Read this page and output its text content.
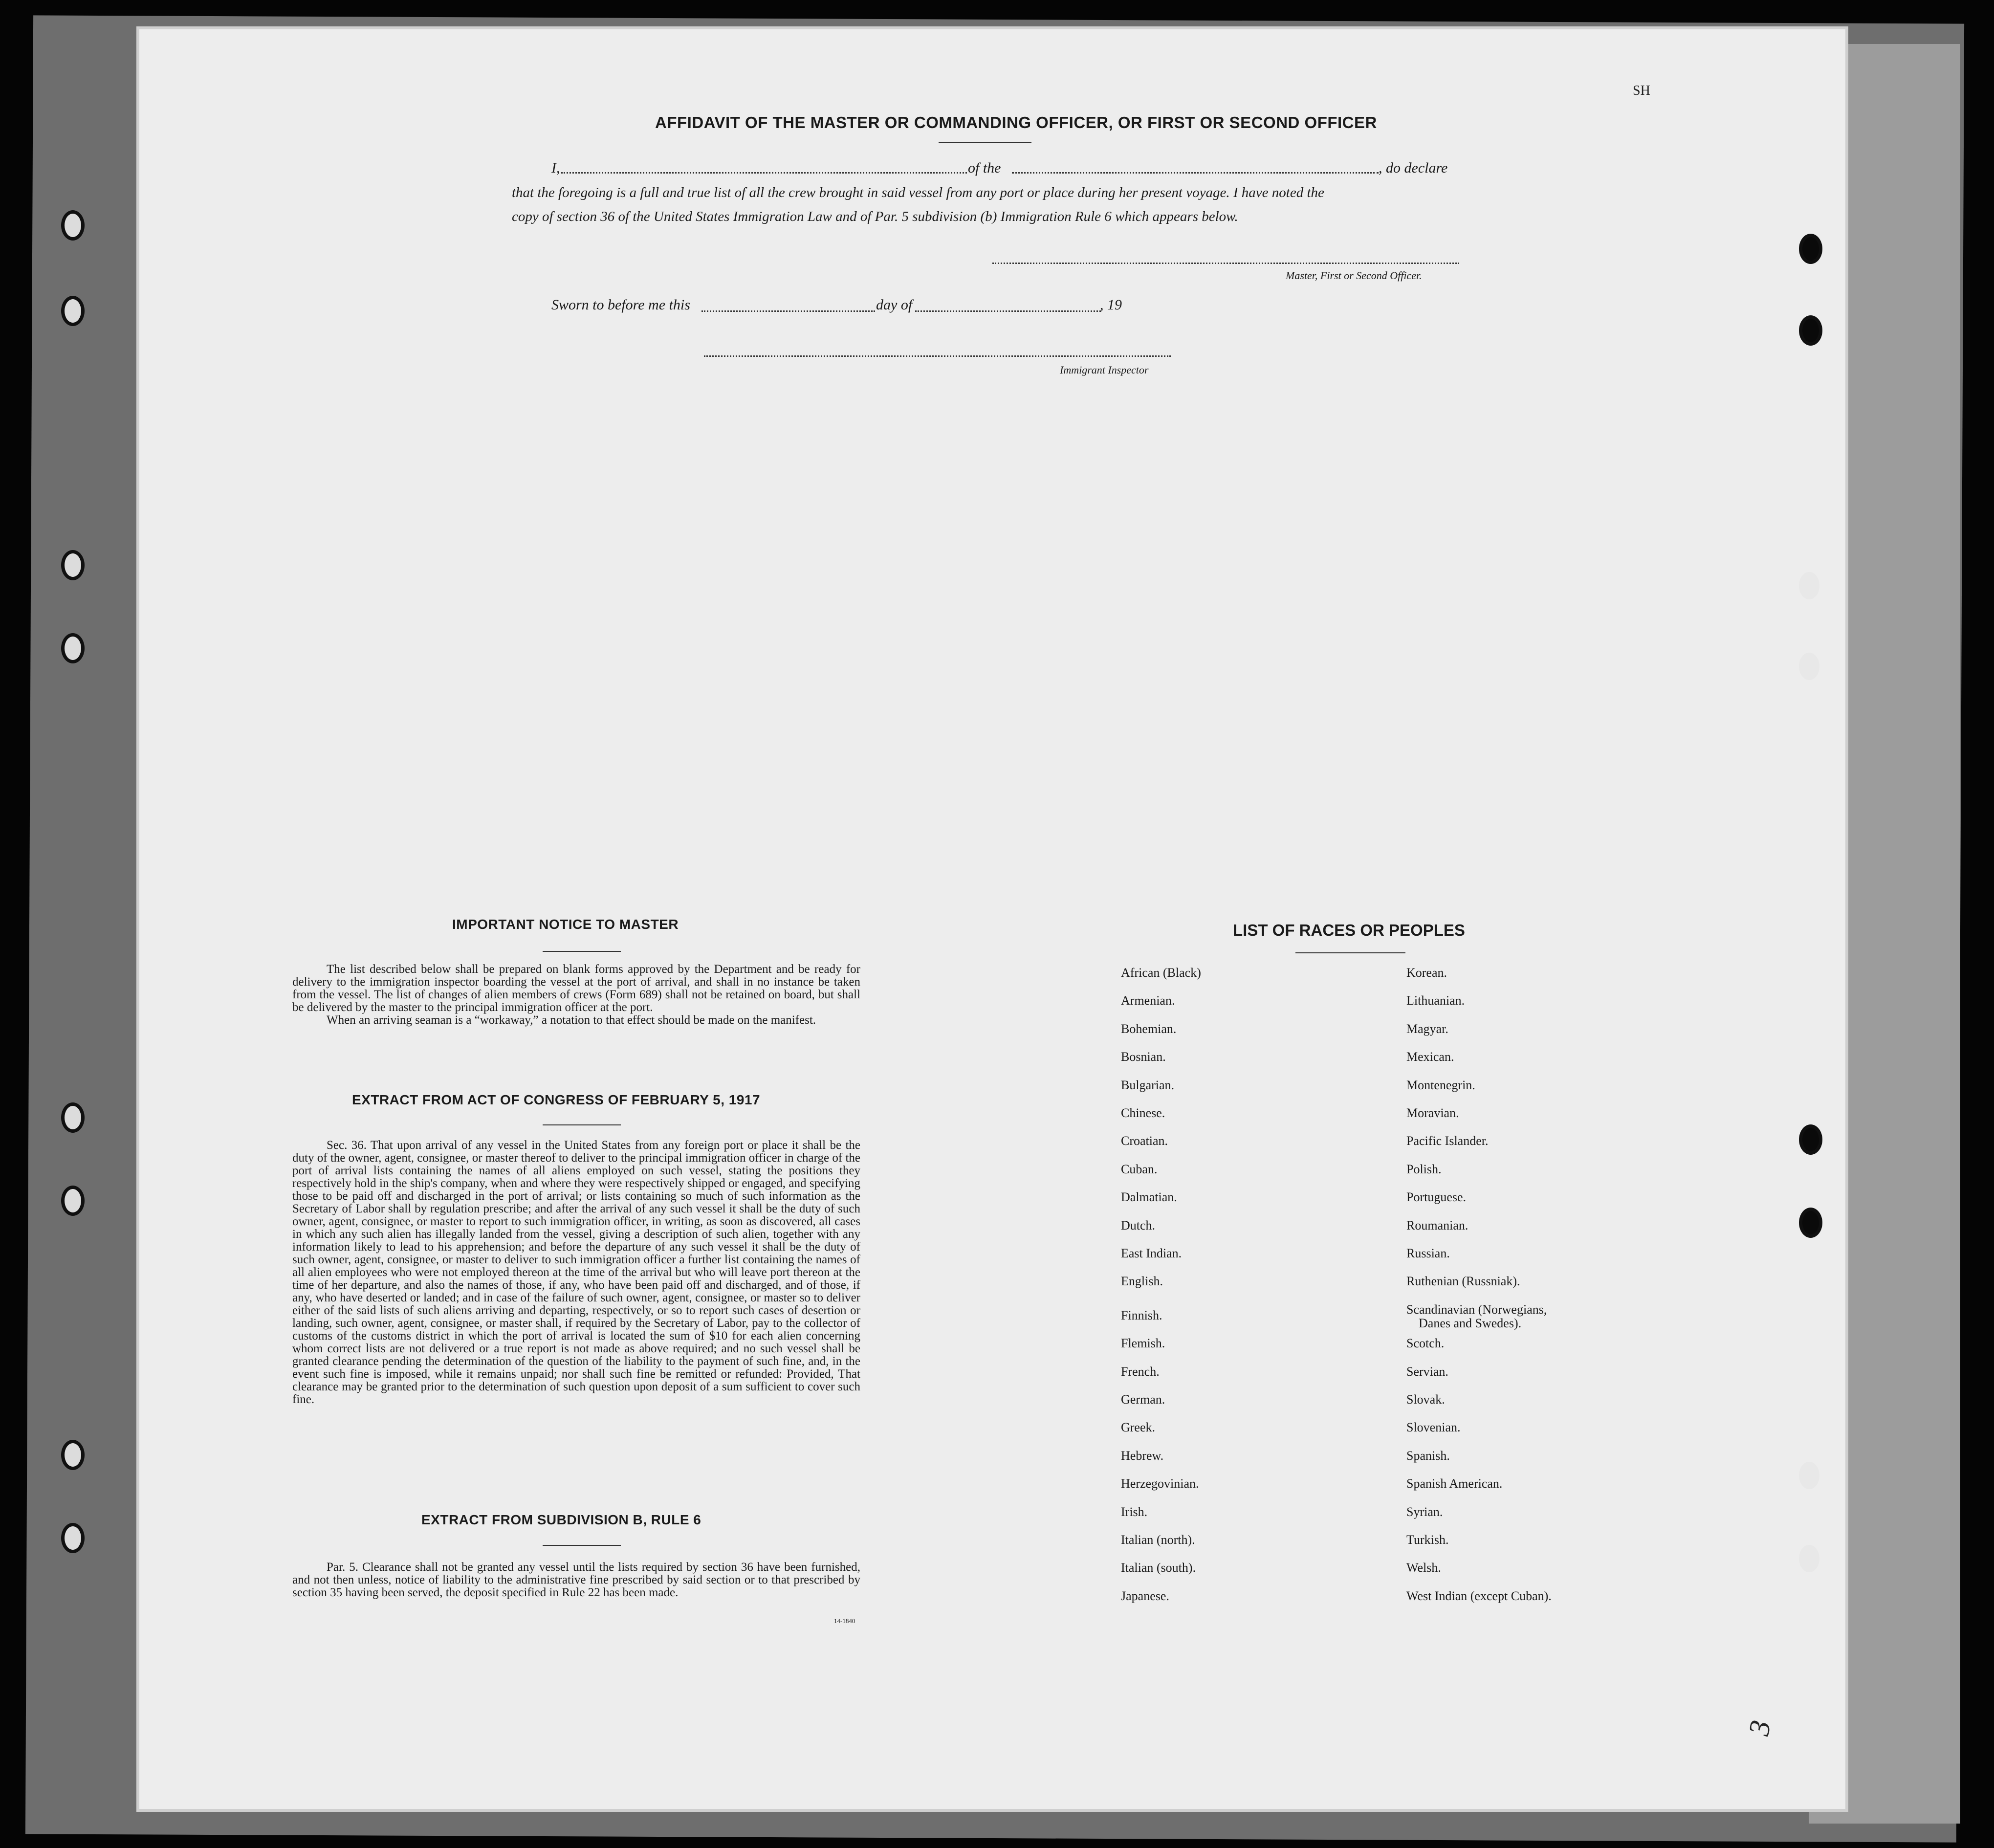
SH
3
AFFIDAVIT OF THE MASTER OR COMMANDING OFFICER, OR FIRST OR SECOND OFFICER
I,	of the	, do declare
that the foregoing is a full and true list of all the crew brought in said vessel from any port or place during her present voyage. I have noted the
copy of section 36 of the United States Immigration Law and of Par. 5 subdivision (b) Immigration Rule 6 which appears below.
Master, First or Second Officer.
Sworn to before me this	day of	, 19
Immigrant Inspector
IMPORTANT NOTICE TO MASTER

The list described below shall be prepared on blank forms approved by the Department and be ready for delivery to the immigration inspector boarding the vessel at the port of arrival, and shall in no instance be taken from the vessel. The list of changes of alien members of crews (Form 689) shall not be retained on board, but shall be delivered by the master to the principal immigration officer at the port.

When an arriving seaman is a “workaway,” a notation to that effect should be made on the manifest.

EXTRACT FROM ACT OF CONGRESS OF FEBRUARY 5, 1917

Sec. 36. That upon arrival of any vessel in the United States from any foreign port or place it shall be the duty of the owner, agent, consignee, or master thereof to deliver to the principal immigration officer in charge of the port of arrival lists containing the names of all aliens employed on such vessel, stating the positions they respectively hold in the ship's company, when and where they were respectively shipped or engaged, and specifying those to be paid off and discharged in the port of arrival; or lists containing so much of such information as the Secretary of Labor shall by regulation prescribe; and after the arrival of any such vessel it shall be the duty of such owner, agent, consignee, or master to report to such immigration officer, in writing, as soon as discovered, all cases in which any such alien has illegally landed from the vessel, giving a description of such alien, together with any information likely to lead to his apprehension; and before the departure of any such vessel it shall be the duty of such owner, agent, consignee, or master to deliver to such immigration officer a further list containing the names of all alien employees who were not employed thereon at the time of the arrival but who will leave port thereon at the time of her departure, and also the names of those, if any, who have been paid off and discharged, and of those, if any, who have deserted or landed; and in case of the failure of such owner, agent, consignee, or master so to deliver either of the said lists of such aliens arriving and departing, respectively, or so to report such cases of desertion or landing, such owner, agent, consignee, or master shall, if required by the Secretary of Labor, pay to the collector of customs of the customs district in which the port of arrival is located the sum of $10 for each alien concerning whom correct lists are not delivered or a true report is not made as above required; and no such vessel shall be granted clearance pending the determination of the question of the liability to the payment of such fine, and, in the event such fine is imposed, while it remains unpaid; nor shall such fine be remitted or refunded: Provided, That clearance may be granted prior to the determination of such question upon deposit of a sum sufficient to cover such fine.

EXTRACT FROM SUBDIVISION B, RULE 6

Par. 5. Clearance shall not be granted any vessel until the lists required by section 36 have been furnished, and not then unless, notice of liability to the administrative fine prescribed by said section or to that prescribed by section 35 having been served, the deposit specified in Rule 22 has been made.

14-1840
LIST OF RACES OR PEOPLES
African (Black)
Armenian.
Bohemian.
Bosnian.
Bulgarian.
Chinese.
Croatian.
Cuban.
Dalmatian.
Dutch.
East Indian.
English.
Finnish.
Flemish.
French.
German.
Greek.
Hebrew.
Herzegovinian.
Irish.
Italian (north).
Italian (south).
Japanese.
Korean.
Lithuanian.
Magyar.
Mexican.
Montenegrin.
Moravian.
Pacific Islander.
Polish.
Portuguese.
Roumanian.
Russian.
Ruthenian (Russniak).
Scandinavian (Norwegians,
Danes and Swedes).
Scotch.
Servian.
Slovak.
Slovenian.
Spanish.
Spanish American.
Syrian.
Turkish.
Welsh.
West Indian (except Cuban).
